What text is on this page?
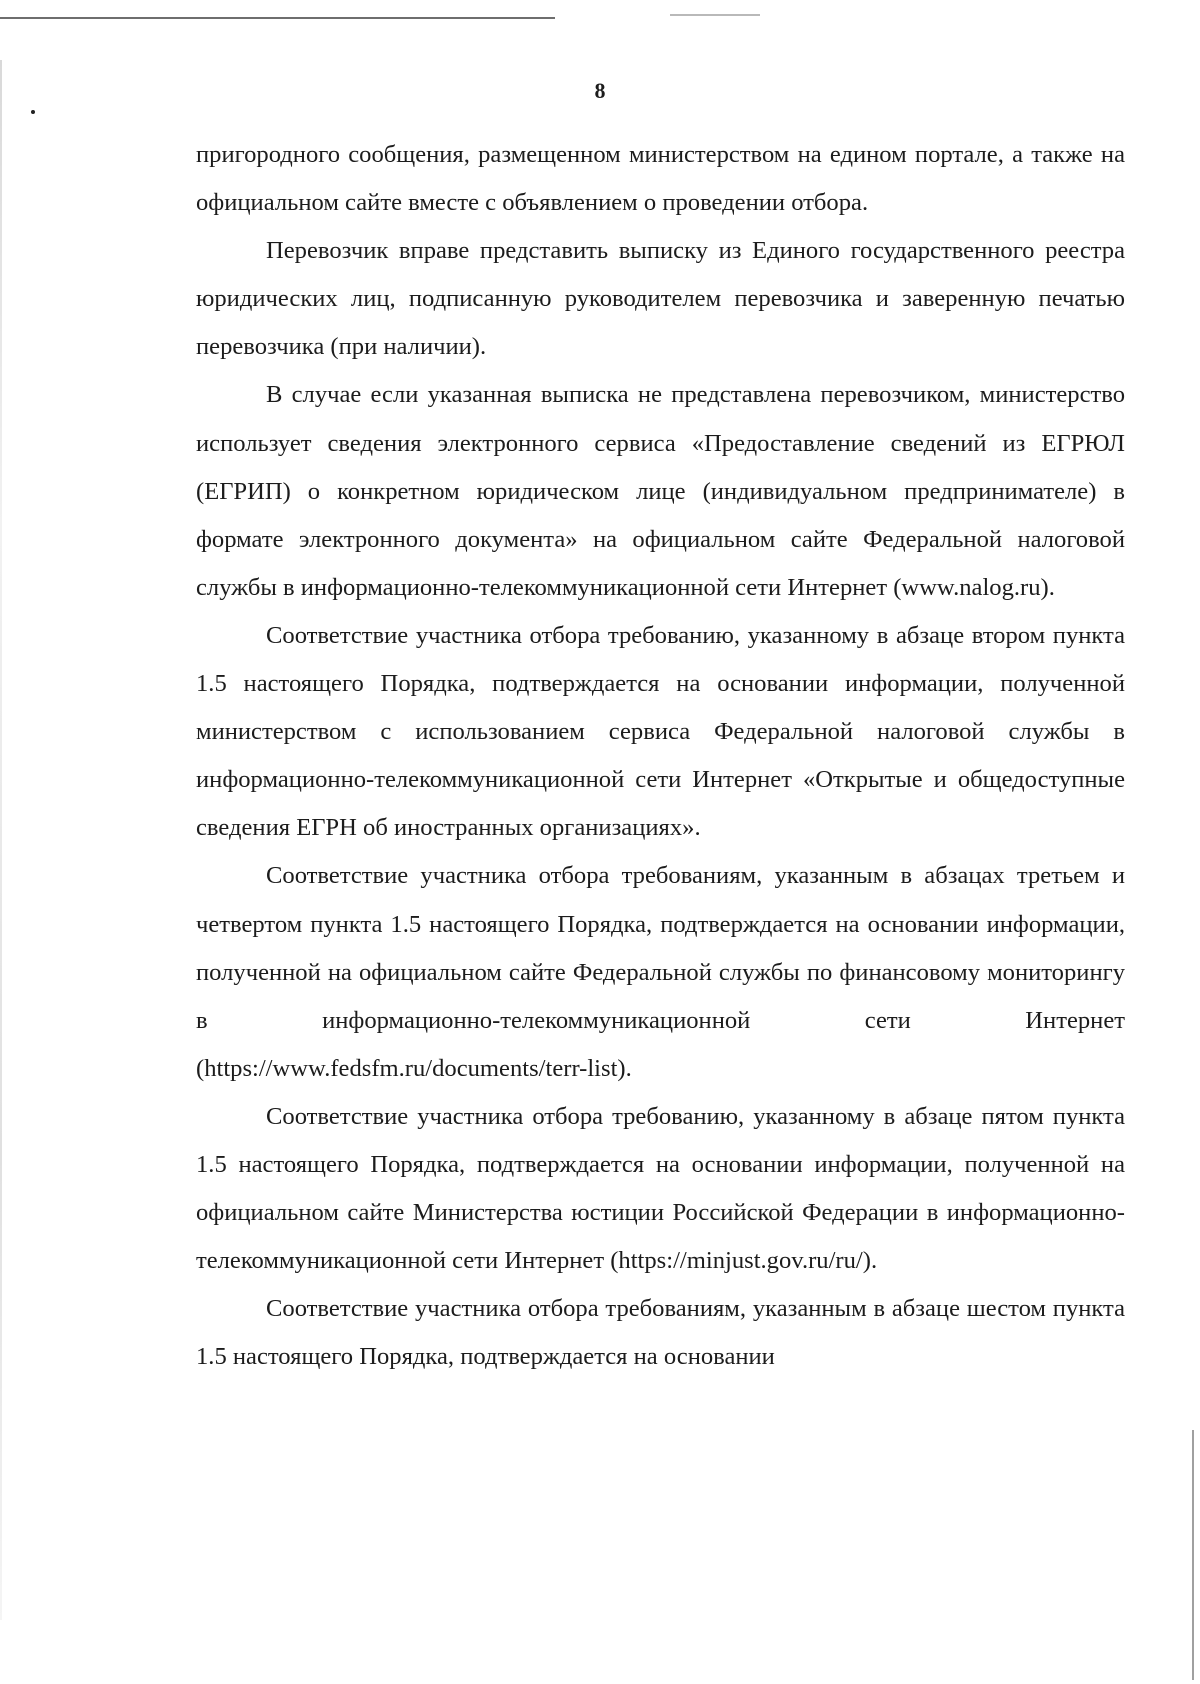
8

пригородного сообщения, размещенном министерством на едином портале, а также на официальном сайте вместе с объявлением о проведении отбора.

Перевозчик вправе представить выписку из Единого государственного реестра юридических лиц, подписанную руководителем перевозчика и заверенную печатью перевозчика (при наличии).

В случае если указанная выписка не представлена перевозчиком, министерство использует сведения электронного сервиса «Предоставление сведений из ЕГРЮЛ (ЕГРИП) о конкретном юридическом лице (индивидуальном предпринимателе) в формате электронного документа» на официальном сайте Федеральной налоговой службы в информационно-телекоммуникационной сети Интернет (www.nalog.ru).

Соответствие участника отбора требованию, указанному в абзаце втором пункта 1.5 настоящего Порядка, подтверждается на основании информации, полученной министерством с использованием сервиса Федеральной налоговой службы в информационно-телекоммуникационной сети Интернет «Открытые и общедоступные сведения ЕГРН об иностранных организациях».

Соответствие участника отбора требованиям, указанным в абзацах третьем и четвертом пункта 1.5 настоящего Порядка, подтверждается на основании информации, полученной на официальном сайте Федеральной службы по финансовому мониторингу в информационно-телекоммуникационной сети Интернет (https://www.fedsfm.ru/documents/terr-list).

Соответствие участника отбора требованию, указанному в абзаце пятом пункта 1.5 настоящего Порядка, подтверждается на основании информации, полученной на официальном сайте Министерства юстиции Российской Федерации в информационно-телекоммуникационной сети Интернет (https://minjust.gov.ru/ru/).

Соответствие участника отбора требованиям, указанным в абзаце шестом пункта 1.5 настоящего Порядка, подтверждается на основании
